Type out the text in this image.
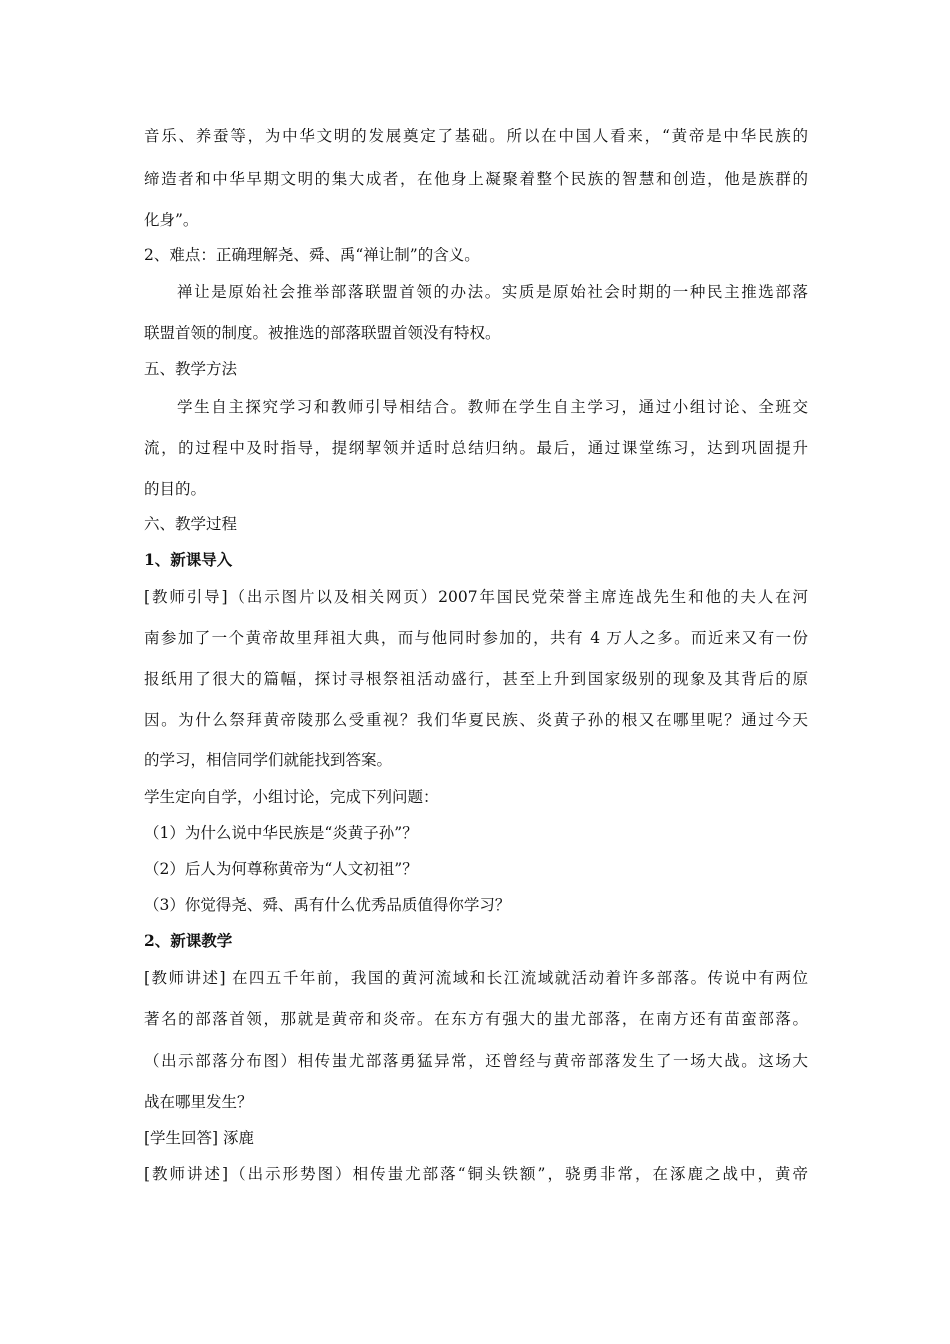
音乐、养蚕等，为中华文明的发展奠定了基础。所以在中国人看来，“黄帝是中华民族的
缔造者和中华早期文明的集大成者，在他身上凝聚着整个民族的智慧和创造，他是族群的
化身”。
2、难点：正确理解尧、舜、禹“禅让制”的含义。
禅让是原始社会推举部落联盟首领的办法。实质是原始社会时期的一种民主推选部落
联盟首领的制度。被推选的部落联盟首领没有特权。
五、教学方法
学生自主探究学习和教师引导相结合。教师在学生自主学习，通过小组讨论、全班交
流，的过程中及时指导，提纲挈领并适时总结归纳。最后，通过课堂练习，达到巩固提升
的目的。
六、教学过程
1、新课导入
[教师引导]（出示图片以及相关网页）2007年国民党荣誉主席连战先生和他的夫人在河
南参加了一个黄帝故里拜祖大典，而与他同时参加的，共有 4 万人之多。而近来又有一份
报纸用了很大的篇幅，探讨寻根祭祖活动盛行，甚至上升到国家级别的现象及其背后的原
因。为什么祭拜黄帝陵那么受重视？我们华夏民族、炎黄子孙的根又在哪里呢？通过今天
的学习，相信同学们就能找到答案。
学生定向自学，小组讨论，完成下列问题：
（1）为什么说中华民族是“炎黄子孙”？
（2）后人为何尊称黄帝为“人文初祖”？
（3）你觉得尧、舜、禹有什么优秀品质值得你学习？
2、新课教学
[教师讲述] 在四五千年前，我国的黄河流域和长江流域就活动着许多部落。传说中有两位
著名的部落首领，那就是黄帝和炎帝。在东方有强大的蚩尤部落，在南方还有苗蛮部落。
（出示部落分布图）相传蚩尤部落勇猛异常，还曾经与黄帝部落发生了一场大战。这场大
战在哪里发生？
[学生回答] 涿鹿
[教师讲述]（出示形势图）相传蚩尤部落“铜头铁额”，骁勇非常，在涿鹿之战中，黄帝
